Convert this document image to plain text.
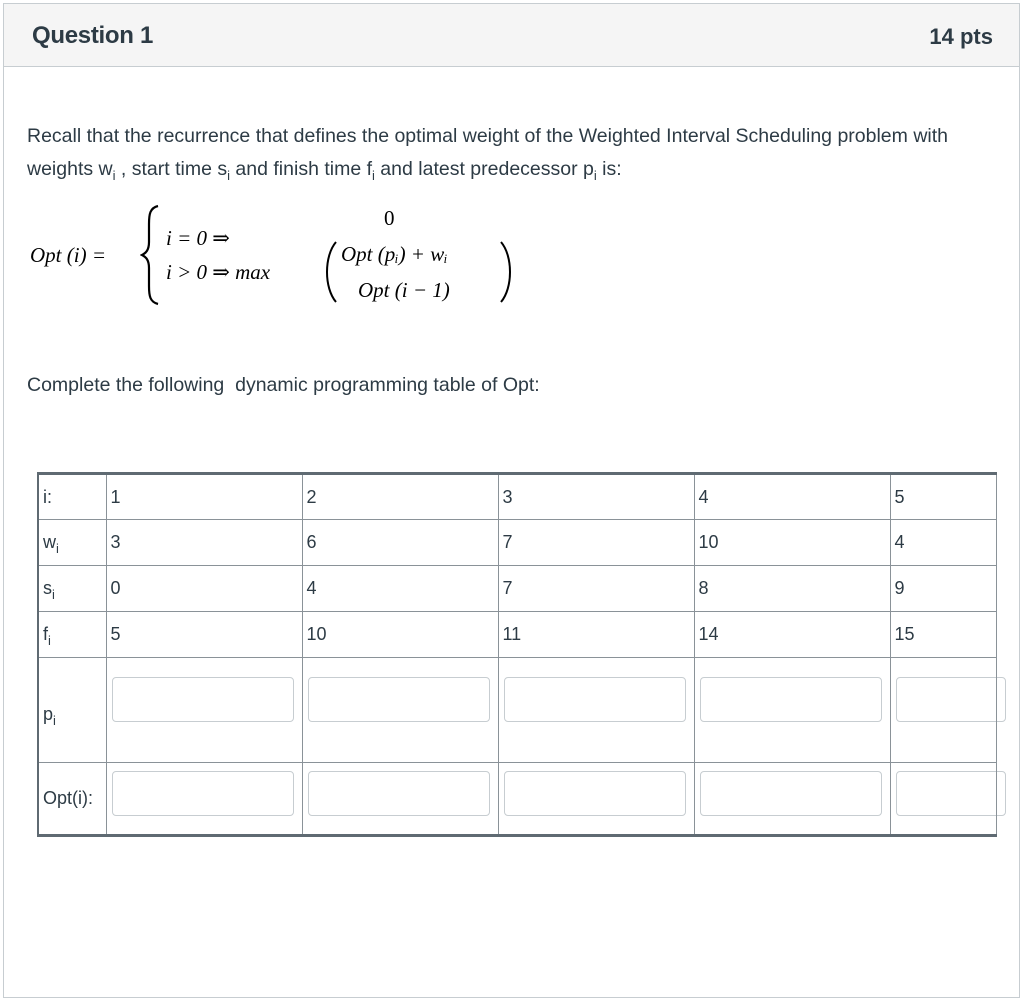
Question 1	14 pts
Recall that the recurrence that defines the optimal weight of the Weighted Interval Scheduling problem with weights $w_i$ , start time $s_i$ and finish time $f_i$ and latest predecessor $p_i$ is:
Opt (i) =
i = 0 ⇒
i > 0 ⇒ max
0
Opt (pᵢ) + wᵢ
Opt (i − 1)
Complete the following  dynamic programming table of Opt:
i:	1	2	3	4	5
$w_i$	3	6	7	10	4
$s_i$	0	4	7	8	9
$f_i$	5	10	11	14	15
$p_i$	

Opt(i):	
